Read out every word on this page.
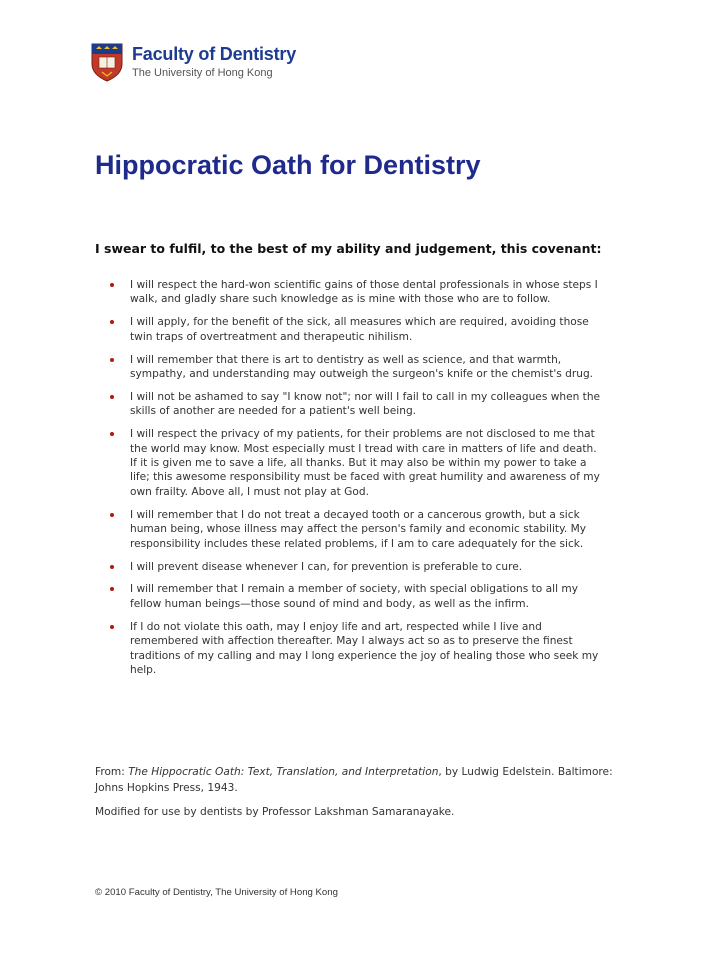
Faculty of Dentistry
The University of Hong Kong
Hippocratic Oath for Dentistry

I swear to fulfil, to the best of my ability and judgement, this covenant:

I will respect the hard-won scientific gains of those dental professionals in whose steps I walk, and gladly share such knowledge as is mine with those who are to follow.
I will apply, for the benefit of the sick, all measures which are required, avoiding those twin traps of overtreatment and therapeutic nihilism.
I will remember that there is art to dentistry as well as science, and that warmth, sympathy, and understanding may outweigh the surgeon's knife or the chemist's drug.
I will not be ashamed to say "I know not"; nor will I fail to call in my colleagues when the skills of another are needed for a patient's well being.
I will respect the privacy of my patients, for their problems are not disclosed to me that the world may know. Most especially must I tread with care in matters of life and death. If it is given me to save a life, all thanks. But it may also be within my power to take a life; this awesome responsibility must be faced with great humility and awareness of my own frailty. Above all, I must not play at God.
I will remember that I do not treat a decayed tooth or a cancerous growth, but a sick human being, whose illness may affect the person's family and economic stability. My responsibility includes these related problems, if I am to care adequately for the sick.
I will prevent disease whenever I can, for prevention is preferable to cure.
I will remember that I remain a member of society, with special obligations to all my fellow human beings—those sound of mind and body, as well as the infirm.
If I do not violate this oath, may I enjoy life and art, respected while I live and remembered with affection thereafter. May I always act so as to preserve the finest traditions of my calling and may I long experience the joy of healing those who seek my help.

From: The Hippocratic Oath: Text, Translation, and Interpretation, by Ludwig Edelstein. Baltimore: Johns Hopkins Press, 1943.

Modified for use by dentists by Professor Lakshman Samaranayake.

© 2010 Faculty of Dentistry, The University of Hong Kong
